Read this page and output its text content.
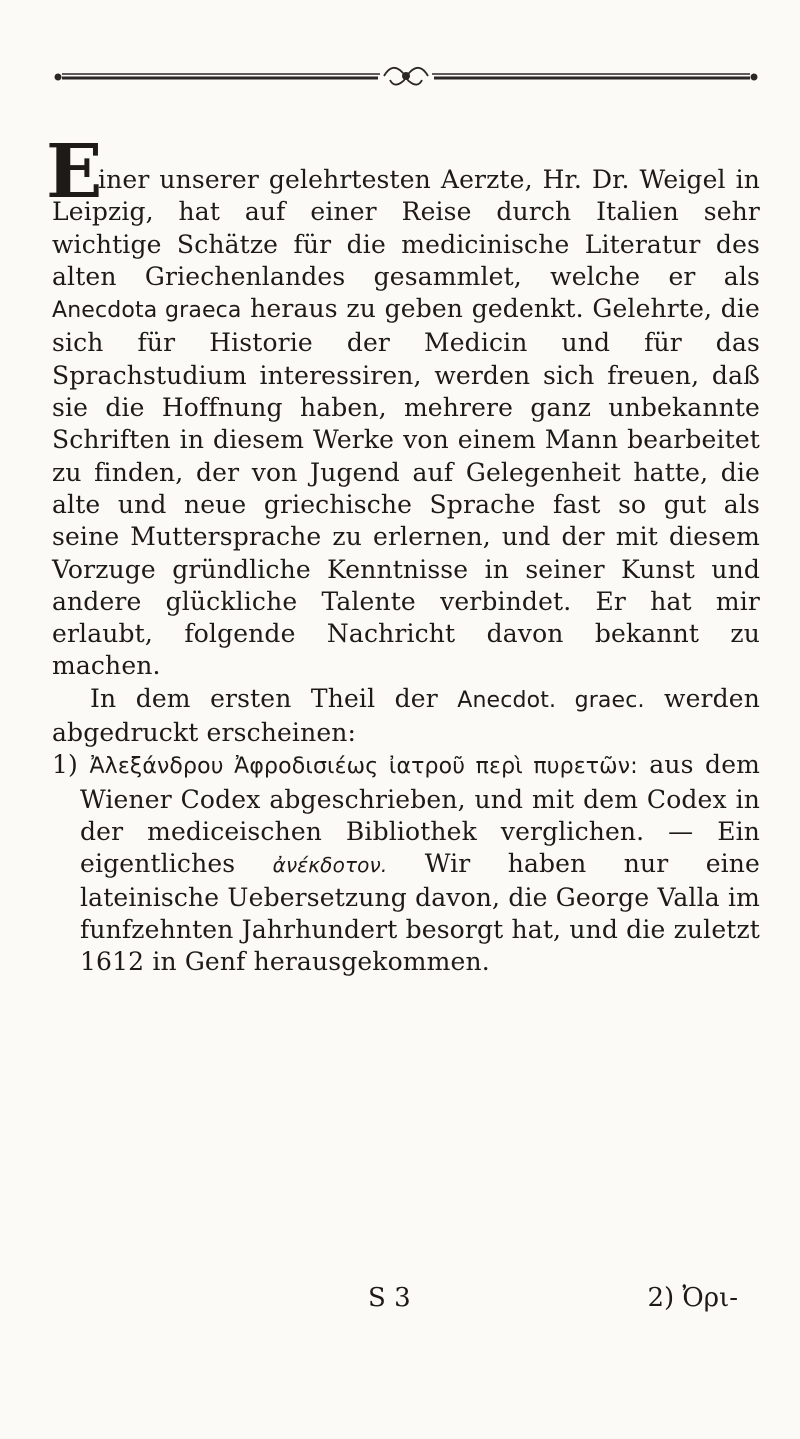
E

iner unserer gelehrtesten Aerzte, Hr. Dr. Weigel in Leipzig, hat auf einer Reise durch Italien sehr wichtige Schätze für die medicinische Literatur des alten Griechenlandes gesammlet, welche er als Anecdota graeca heraus zu geben gedenkt. Gelehrte, die sich für Historie der Medicin und für das Sprachstudium interessiren, werden sich freuen, daß sie die Hoffnung haben, mehrere ganz unbekannte Schriften in diesem Werke von einem Mann bearbeitet zu finden, der von Jugend auf Gelegenheit hatte, die alte und neue griechische Sprache fast so gut als seine Muttersprache zu erlernen, und der mit diesem Vorzuge gründliche Kenntnisse in seiner Kunst und andere glückliche Talente verbindet. Er hat mir erlaubt, folgende Nachricht davon bekannt zu machen.

In dem ersten Theil der Anecdot. graec. werden abgedruckt erscheinen:

1) Ἀλεξάνδρου Ἀφροδισιέως ἰατροῦ περὶ πυρετῶν: aus dem Wiener Codex abgeschrieben, und mit dem Codex in der mediceischen Bibliothek verglichen. — Ein eigentliches ἀνέκδοτον. Wir haben nur eine lateinische Uebersetzung davon, die George Valla im funfzehnten Jahrhundert besorgt hat, und die zuletzt 1612 in Genf herausgekommen.

S 3	2) Ὀρι-
